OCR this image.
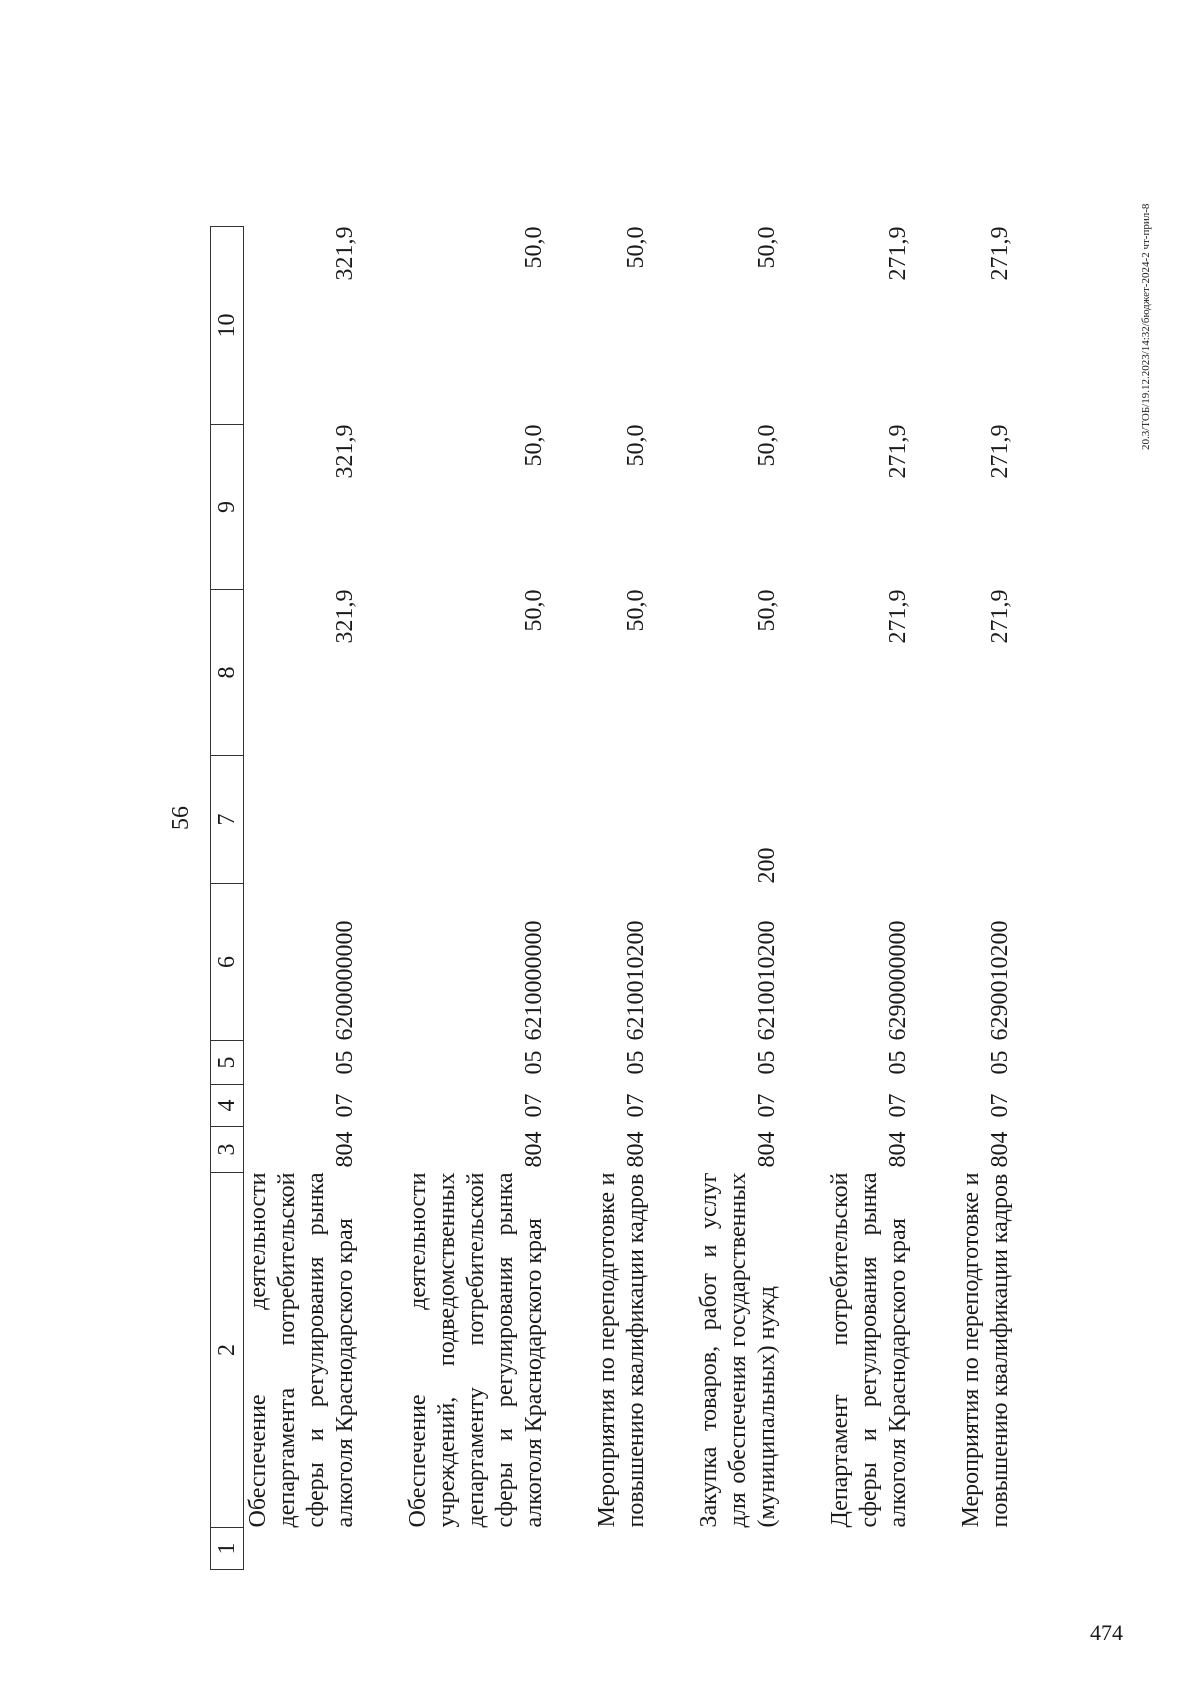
56
1	2	3	4	5	6	7	8	9	10
	Обеспечение деятельности департамента потребительской сферы и регулирования рынка алкоголя Краснодарского края	804	07	05	6200000000		321,9	321,9	321,9

	Обеспечение деятельности учреждений, подведомственных департаменту потребительской сферы и регулирования рынка алкоголя Краснодарского края	804	07	05	6210000000		50,0	50,0	50,0

	Мероприятия по переподготовке и повышению квалификации кадров	804	07	05	6210010200		50,0	50,0	50,0

	Закупка товаров, работ и услуг для обеспечения государственных (муниципальных) нужд	804	07	05	6210010200	200	50,0	50,0	50,0

	Департамент потребительской сферы и регулирования рынка алкоголя Краснодарского края	804	07	05	6290000000		271,9	271,9	271,9

	Мероприятия по переподготовке и повышению квалификации кадров	804	07	05	6290010200		271,9	271,9	271,9	20.3/ТОБ/19.12.2023/14:32/бюджет-2024-2 чт-прил-8
474
